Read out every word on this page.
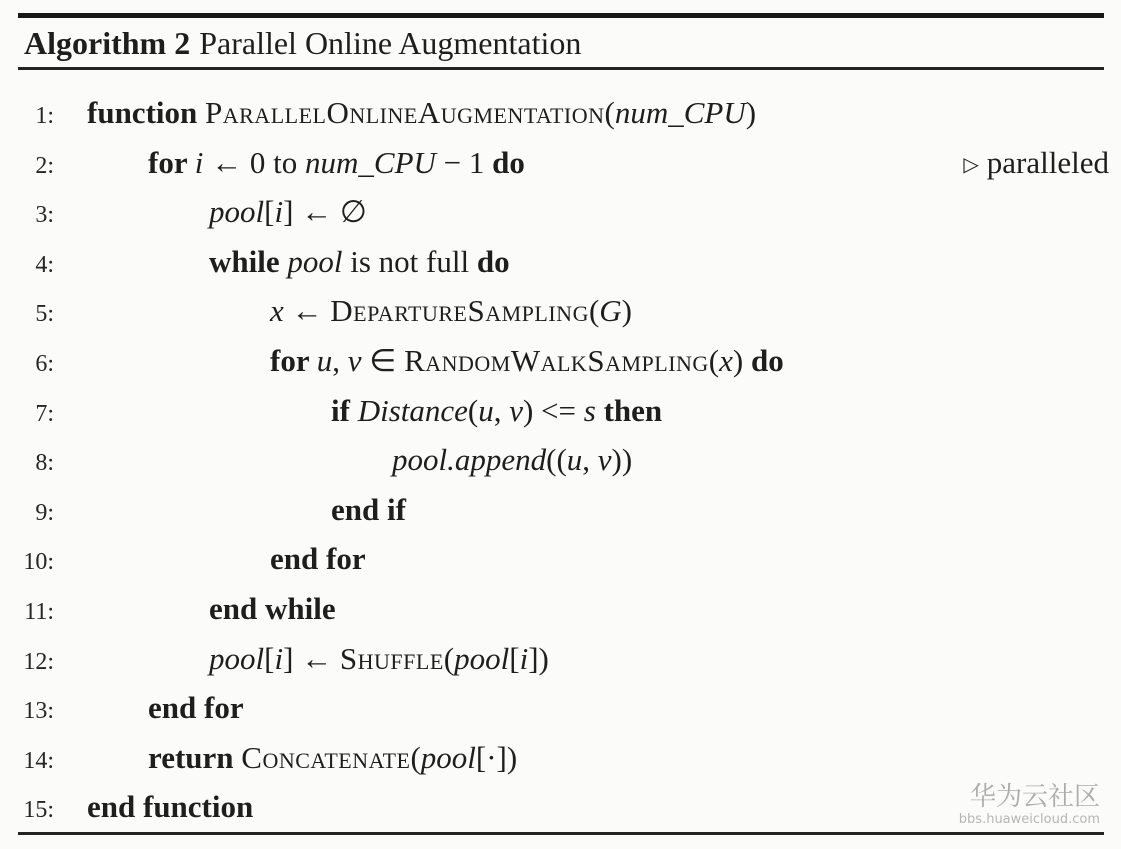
Algorithm 2 Parallel Online Augmentation
1: function ParallelOnlineAugmentation(num_CPU)
2:	for i ← 0 to num_CPU − 1 do	▷ paralleled
3:	pool[i] ← ∅
4:	while pool is not full do
5:	x ← DepartureSampling(G)
6:	for u, v ∈ RandomWalkSampling(x) do
7:	if Distance(u, v) <= s then
8:	pool.append((u, v))
9:	end if
10:	end for
11:	end while
12:	pool[i] ← Shuffle(pool[i])
13:	end for
14:	return Concatenate(pool[·])
15: end function	华为云社区
bbs.huaweicloud.com
